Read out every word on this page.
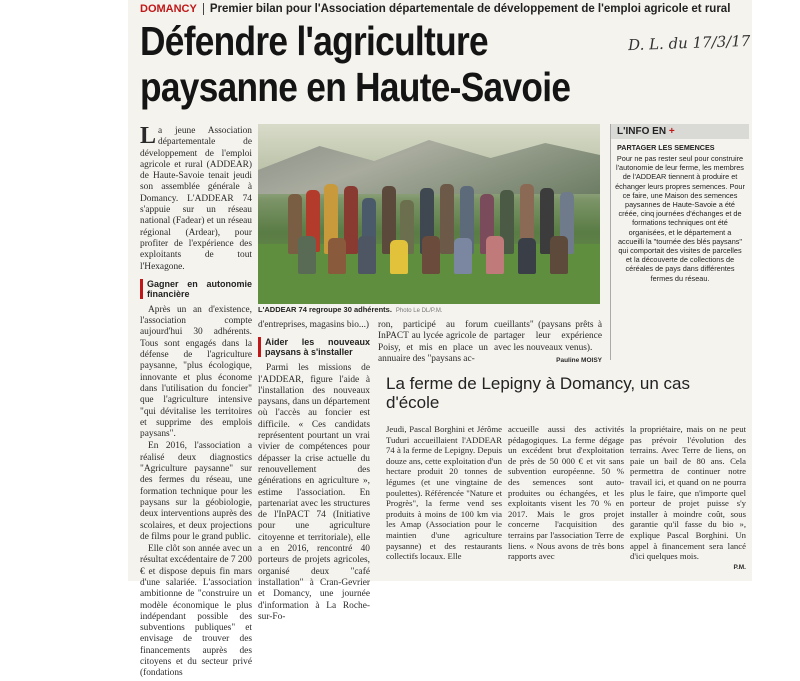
DOMANCY Premier bilan pour l'Association départementale de développement de l'emploi agricole et rural
Défendre l'agriculture
paysanne en Haute-Savoie
D. L. du 17/3/17
La jeune Association départementale de développement de l'emploi agricole et rural (ADDEAR) de Haute-Savoie tenait jeudi son assemblée générale à Domancy. L'ADDEAR 74 s'appuie sur un réseau national (Fadear) et un réseau régional (Ardear), pour profiter de l'expérience des exploitants de tout l'Hexagone.
Gagner en autonomie financière

Après un an d'existence, l'association compte aujourd'hui 30 adhérents. Tous sont engagés dans la défense de l'agriculture paysanne, "plus écologique, innovante et plus économe dans l'utilisation du foncier" que l'agriculture intensive "qui dévitalise les territoires et supprime des emplois paysans".

En 2016, l'association a réalisé deux diagnostics "Agriculture paysanne" sur des fermes du réseau, une formation technique pour les paysans sur la géobiologie, deux interventions auprès des scolaires, et deux projections de films pour le grand public.

Elle clôt son année avec un résultat excédentaire de 7 200 € et dispose depuis fin mars d'une salariée. L'association ambitionne de "construire un modèle économique le plus indépendant possible des subventions publiques" et envisage de trouver des financements auprès des citoyens et du secteur privé (fondations

L'ADDEAR 74 regroupe 30 adhérents. Photo Le DL/P.M.

d'entreprises, magasins bio...)

Aider les nouveaux paysans à s'installer

Parmi les missions de l'ADDEAR, figure l'aide à l'installation des nouveaux paysans, dans un département où l'accès au foncier est difficile. « Ces candidats représentent pourtant un vrai vivier de compétences pour dépasser la crise actuelle du renouvellement des générations en agriculture », estime l'association. En partenariat avec les structures de l'InPACT 74 (Initiative pour une agriculture citoyenne et territoriale), elle a en 2016, rencontré 40 porteurs de projets agricoles, organisé deux "café installation" à Cran-Gevrier et Domancy, une journée d'information à La Roche-sur-Fo-

ron, participé au forum InPACT au lycée agricole de Poisy, et mis en place un annuaire des "paysans ac-

cueillants" (paysans prêts à partager leur expérience avec les nouveaux venus).

Pauline MOISY
L'INFO EN +
PARTAGER LES SEMENCES
Pour ne pas rester seul pour construire l'autonomie de leur ferme, les membres de l'ADDEAR tiennent à produire et échanger leurs propres semences. Pour ce faire, une Maison des semences paysannes de Haute-Savoie a été créée, cinq journées d'échanges et de formations techniques ont été organisées, et le département a accueilli la "tournée des blés paysans" qui comportait des visites de parcelles et la découverte de collections de céréales de pays dans différentes fermes du réseau.
La ferme de Lepigny à Domancy, un cas d'école

Jeudi, Pascal Borghini et Jérôme Tuduri accueillaient l'ADDEAR 74 à la ferme de Lepigny. Depuis douze ans, cette exploitation d'un hectare produit 20 tonnes de légumes (et une vingtaine de poulettes). Référencée "Nature et Progrès", la ferme vend ses produits à moins de 100 km via les Amap (Association pour le maintien d'une agriculture paysanne) et des restaurants collectifs locaux. Elle

accueille aussi des activités pédagogiques. La ferme dégage un excédent brut d'exploitation de près de 50 000 € et vit sans subvention européenne. 50 % des semences sont auto-produites ou échangées, et les exploitants visent les 70 % en 2017. Mais le gros projet concerne l'acquisition des terrains par l'association Terre de liens. « Nous avons de très bons rapports avec

la propriétaire, mais on ne peut pas prévoir l'évolution des terrains. Avec Terre de liens, on paie un bail de 80 ans. Cela permettra de continuer notre travail ici, et quand on ne pourra plus le faire, que n'importe quel porteur de projet puisse s'y installer à moindre coût, sous garantie qu'il fasse du bio », explique Pascal Borghini. Un appel à financement sera lancé d'ici quelques mois.

P.M.
